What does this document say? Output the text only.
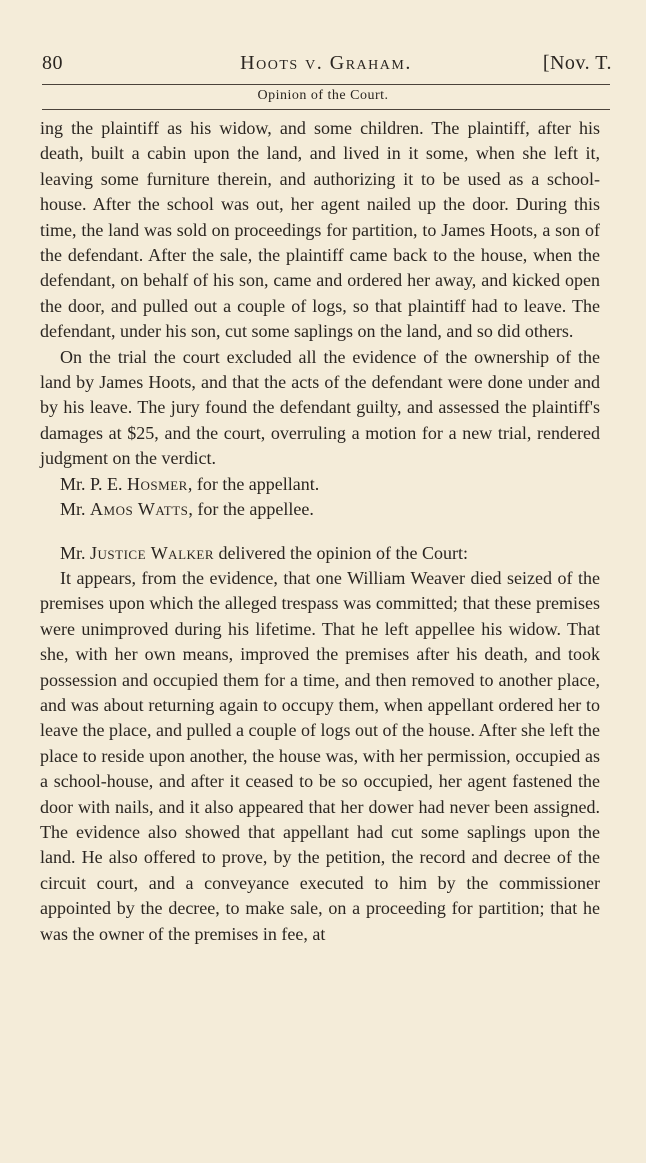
80	Hoots v. Graham.	[Nov. T.
Opinion of the Court.

ing the plaintiff as his widow, and some children. The plaintiff, after his death, built a cabin upon the land, and lived in it some, when she left it, leaving some furniture therein, and authorizing it to be used as a school-house. After the school was out, her agent nailed up the door. During this time, the land was sold on proceedings for partition, to James Hoots, a son of the defendant. After the sale, the plaintiff came back to the house, when the defendant, on behalf of his son, came and ordered her away, and kicked open the door, and pulled out a couple of logs, so that plaintiff had to leave. The defendant, under his son, cut some saplings on the land, and so did others.

On the trial the court excluded all the evidence of the ownership of the land by James Hoots, and that the acts of the defendant were done under and by his leave. The jury found the defendant guilty, and assessed the plaintiff's damages at $25, and the court, overruling a motion for a new trial, rendered judgment on the verdict.

Mr. P. E. Hosmer, for the appellant.

Mr. Amos Watts, for the appellee.

Mr. Justice Walker delivered the opinion of the Court:

It appears, from the evidence, that one William Weaver died seized of the premises upon which the alleged trespass was committed; that these premises were unimproved during his lifetime. That he left appellee his widow. That she, with her own means, improved the premises after his death, and took possession and occupied them for a time, and then removed to another place, and was about returning again to occupy them, when appellant ordered her to leave the place, and pulled a couple of logs out of the house. After she left the place to reside upon another, the house was, with her permission, occupied as a school-house, and after it ceased to be so occupied, her agent fastened the door with nails, and it also appeared that her dower had never been assigned. The evidence also showed that appellant had cut some saplings upon the land. He also offered to prove, by the petition, the record and decree of the circuit court, and a conveyance executed to him by the commissioner appointed by the decree, to make sale, on a proceeding for partition; that he was the owner of the premises in fee, at
